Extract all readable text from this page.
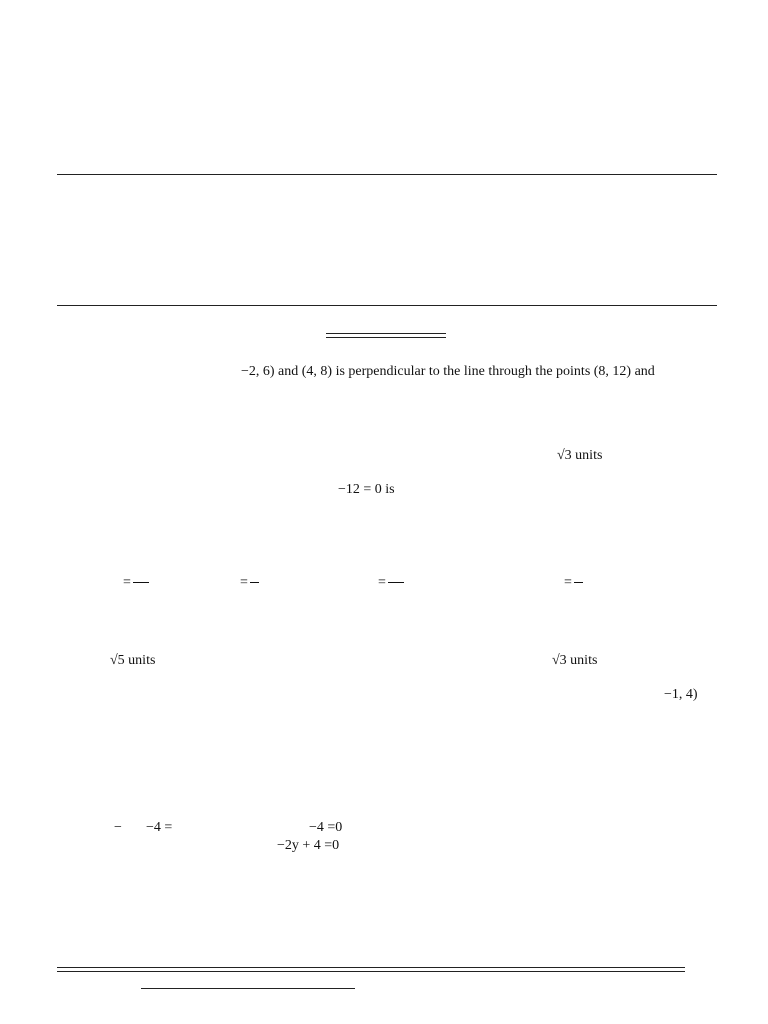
−2, 6) and (4, 8) is perpendicular to the line through the points (8, 12) and
√3 units
−12 = 0 is
=	=	=	=
√5 units	√3 units
−1, 4)
− −4 =	−4 =0
−2y + 4 =0
